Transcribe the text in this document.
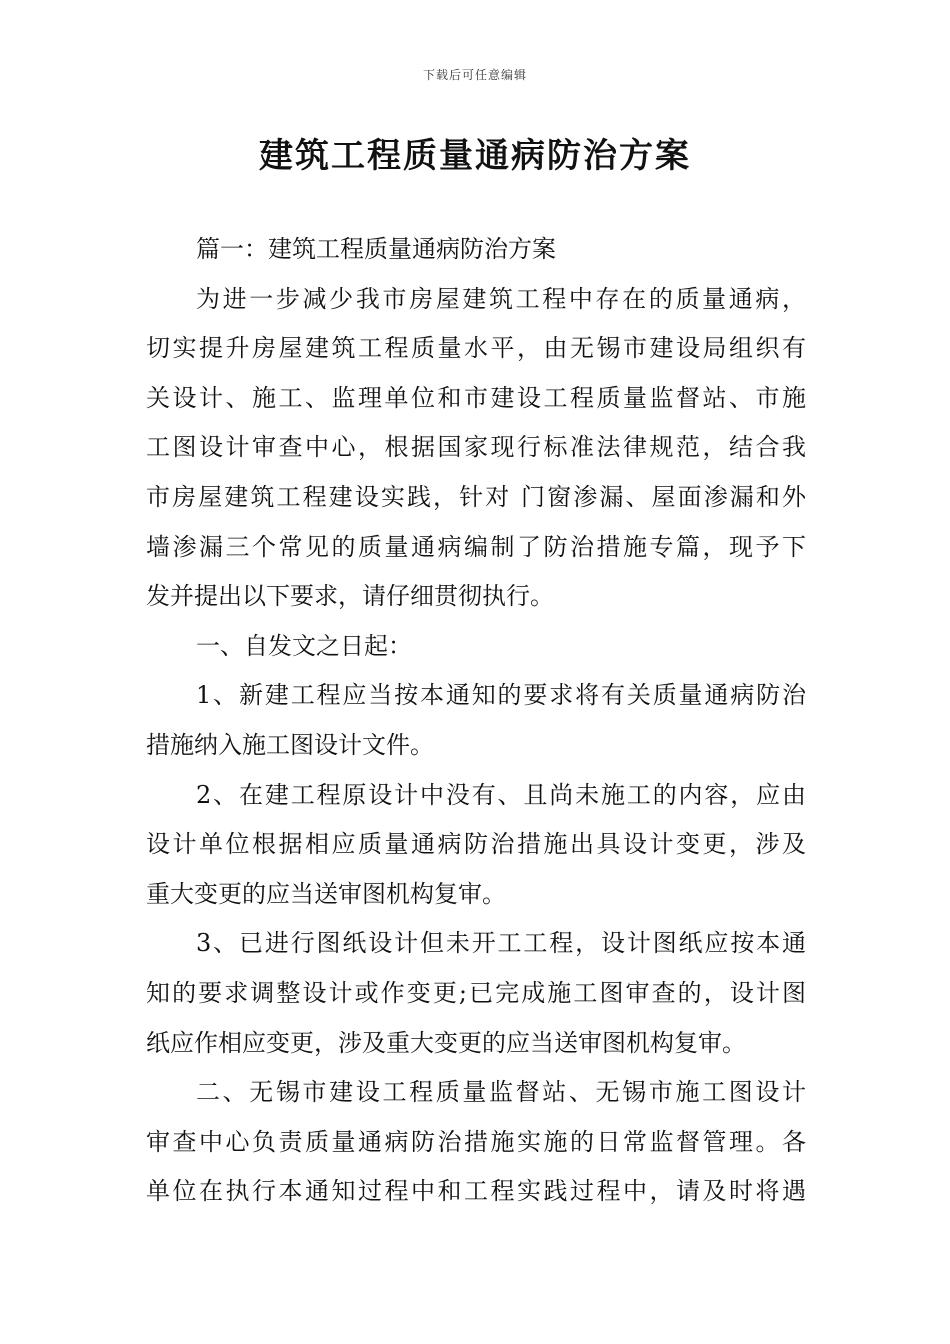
下载后可任意编辑
建筑工程质量通病防治方案
篇一：建筑工程质量通病防治方案
为进一步减少我市房屋建筑工程中存在的质量通病，
切实提升房屋建筑工程质量水平，由无锡市建设局组织有
关设计、施工、监理单位和市建设工程质量监督站、市施
工图设计审查中心，根据国家现行标准法律规范，结合我
市房屋建筑工程建设实践，针对 门窗渗漏、屋面渗漏和外
墙渗漏三个常见的质量通病编制了防治措施专篇，现予下
发并提出以下要求，请仔细贯彻执行。
一、自发文之日起：
1、新建工程应当按本通知的要求将有关质量通病防治
措施纳入施工图设计文件。
2、在建工程原设计中没有、且尚未施工的内容，应由
设计单位根据相应质量通病防治措施出具设计变更，涉及
重大变更的应当送审图机构复审。
3、已进行图纸设计但未开工工程，设计图纸应按本通
知的要求调整设计或作变更;已完成施工图审查的，设计图
纸应作相应变更，涉及重大变更的应当送审图机构复审。
二、无锡市建设工程质量监督站、无锡市施工图设计
审查中心负责质量通病防治措施实施的日常监督管理。各
单位在执行本通知过程中和工程实践过程中，请及时将遇
